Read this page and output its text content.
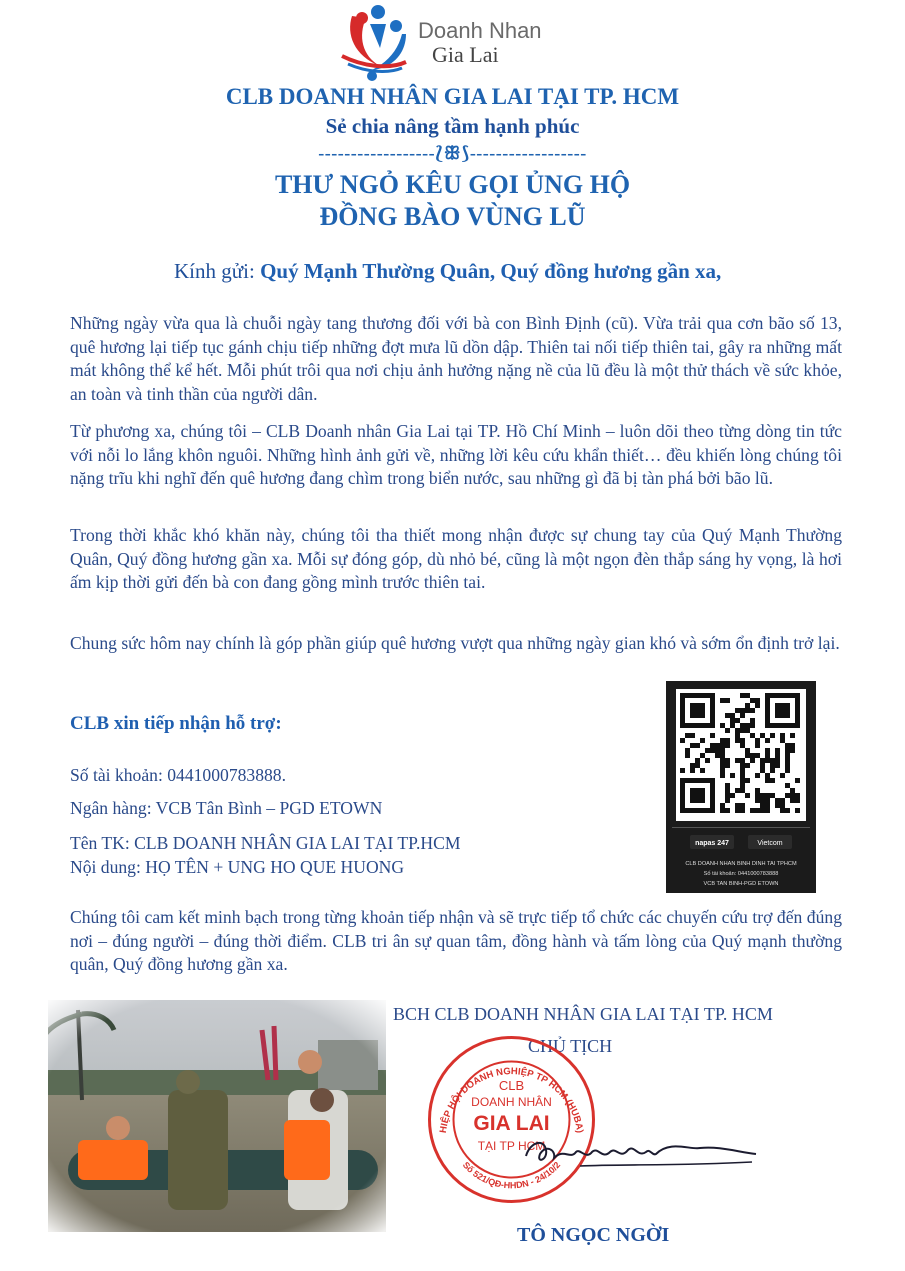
Doanh Nhan
Gia Lai
CLB DOANH NHÂN GIA LAI TẠI TP. HCM
Sẻ chia nâng tầm hạnh phúc
------------------⟅ꕥ⟆------------------
THƯ NGỎ KÊU GỌI ỦNG HỘ
ĐỒNG BÀO VÙNG LŨ
Kính gửi: Quý Mạnh Thường Quân, Quý đồng hương gần xa,

Những ngày vừa qua là chuỗi ngày tang thương đối với bà con Bình Định (cũ). Vừa trải qua cơn bão số 13, quê hương lại tiếp tục gánh chịu tiếp những đợt mưa lũ dồn dập. Thiên tai nối tiếp thiên tai, gây ra những mất mát không thể kể hết. Mỗi phút trôi qua nơi chịu ảnh hưởng nặng nề của lũ đều là một thử thách về sức khỏe, an toàn và tinh thần của người dân.

Từ phương xa, chúng tôi – CLB Doanh nhân Gia Lai tại TP. Hồ Chí Minh – luôn dõi theo từng dòng tin tức với nỗi lo lắng khôn nguôi. Những hình ảnh gửi về, những lời kêu cứu khẩn thiết… đều khiến lòng chúng tôi nặng trĩu khi nghĩ đến quê hương đang chìm trong biển nước, sau những gì đã bị tàn phá bởi bão lũ.

Trong thời khắc khó khăn này, chúng tôi tha thiết mong nhận được sự chung tay của Quý Mạnh Thường Quân, Quý đồng hương gần xa. Mỗi sự đóng góp, dù nhỏ bé, cũng là một ngọn đèn thắp sáng hy vọng, là hơi ấm kịp thời gửi đến bà con đang gồng mình trước thiên tai.

Chung sức hôm nay chính là góp phần giúp quê hương vượt qua những ngày gian khó và sớm ổn định trở lại.

CLB xin tiếp nhận hỗ trợ:
Số tài khoản: 0441000783888.
Ngân hàng: VCB Tân Bình – PGD ETOWN
Tên TK: CLB DOANH NHÂN GIA LAI TẠI TP.HCM
Nội dung: HỌ TÊN + UNG HO QUE HUONG
napas 247	Vietcom
CLB DOANH NHAN BINH DINH TAI TPHCM
Số tài khoản: 0441000783888
VCB TAN BINH-PGD ETOWN

Chúng tôi cam kết minh bạch trong từng khoản tiếp nhận và sẽ trực tiếp tổ chức các chuyến cứu trợ đến đúng nơi – đúng người – đúng thời điểm. CLB tri ân sự quan tâm, đồng hành và tấm lòng của Quý mạnh thường quân, Quý đồng hương gần xa.

BCH CLB DOANH NHÂN GIA LAI TẠI TP. HCM
CHỦ TỊCH
HIỆP HỘI DOANH NGHIỆP TP HCM (HUBA)
Số 521/QĐ-HHDN - 24/10/2
CLB
DOANH NHÂN
GIA LAI
TẠI TP HCM
TÔ NGỌC NGỜI
